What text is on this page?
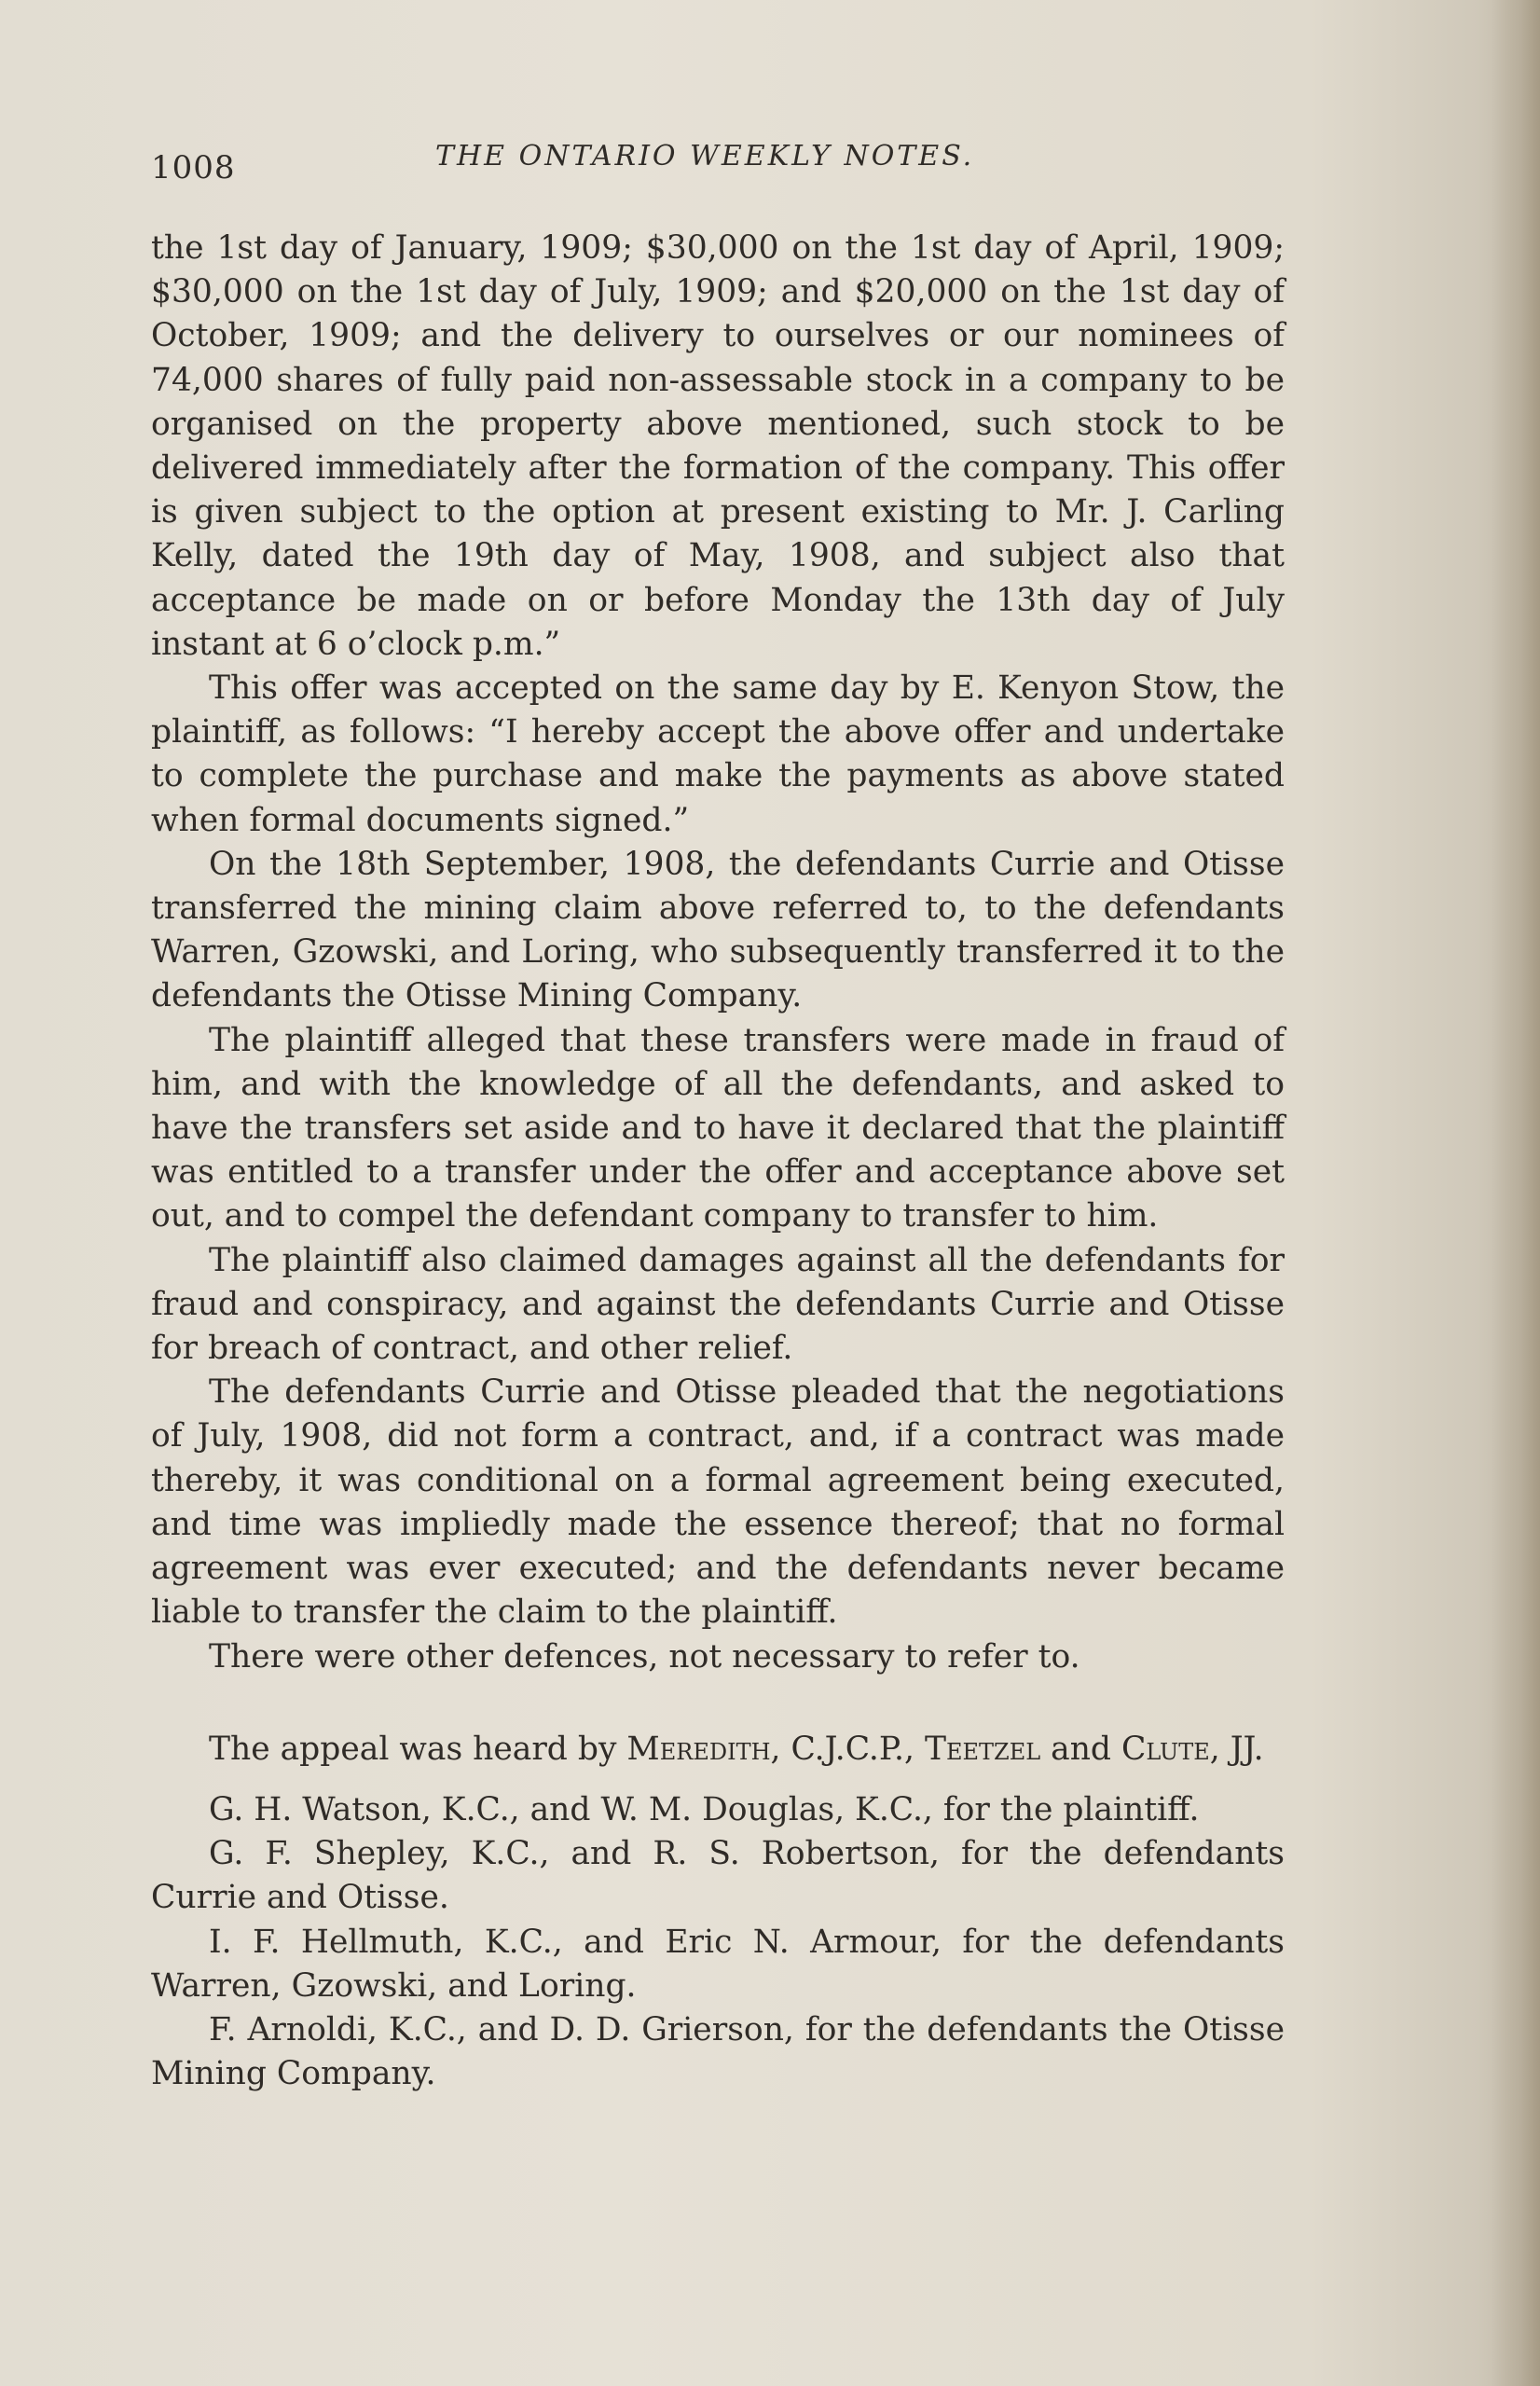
1008	THE ONTARIO WEEKLY NOTES.

the 1st day of January, 1909; $30,000 on the 1st day of April, 1909; $30,000 on the 1st day of July, 1909; and $20,000 on the 1st day of October, 1909; and the delivery to ourselves or our nominees of 74,000 shares of fully paid non-assessable stock in a company to be organised on the property above mentioned, such stock to be delivered immediately after the formation of the company. This offer is given subject to the option at present existing to Mr. J. Carling Kelly, dated the 19th day of May, 1908, and subject also that acceptance be made on or before Monday the 13th day of July instant at 6 o’clock p.m.”

This offer was accepted on the same day by E. Kenyon Stow, the plaintiff, as follows: “I hereby accept the above offer and undertake to complete the purchase and make the payments as above stated when formal documents signed.”

On the 18th September, 1908, the defendants Currie and Otisse transferred the mining claim above referred to, to the defendants Warren, Gzowski, and Loring, who subsequently transferred it to the defendants the Otisse Mining Company.

The plaintiff alleged that these transfers were made in fraud of him, and with the knowledge of all the defendants, and asked to have the transfers set aside and to have it declared that the plaintiff was entitled to a transfer under the offer and acceptance above set out, and to compel the defendant company to transfer to him.

The plaintiff also claimed damages against all the defendants for fraud and conspiracy, and against the defendants Currie and Otisse for breach of contract, and other relief.

The defendants Currie and Otisse pleaded that the negotiations of July, 1908, did not form a contract, and, if a contract was made thereby, it was conditional on a formal agreement being executed, and time was impliedly made the essence thereof; that no formal agreement was ever executed; and the defendants never became liable to transfer the claim to the plaintiff.

There were other defences, not necessary to refer to.

The appeal was heard by Meredith, C.J.C.P., Teetzel and Clute, JJ.

G. H. Watson, K.C., and W. M. Douglas, K.C., for the plaintiff.

G. F. Shepley, K.C., and R. S. Robertson, for the defendants Currie and Otisse.

I. F. Hellmuth, K.C., and Eric N. Armour, for the defendants Warren, Gzowski, and Loring.

F. Arnoldi, K.C., and D. D. Grierson, for the defendants the Otisse Mining Company.
